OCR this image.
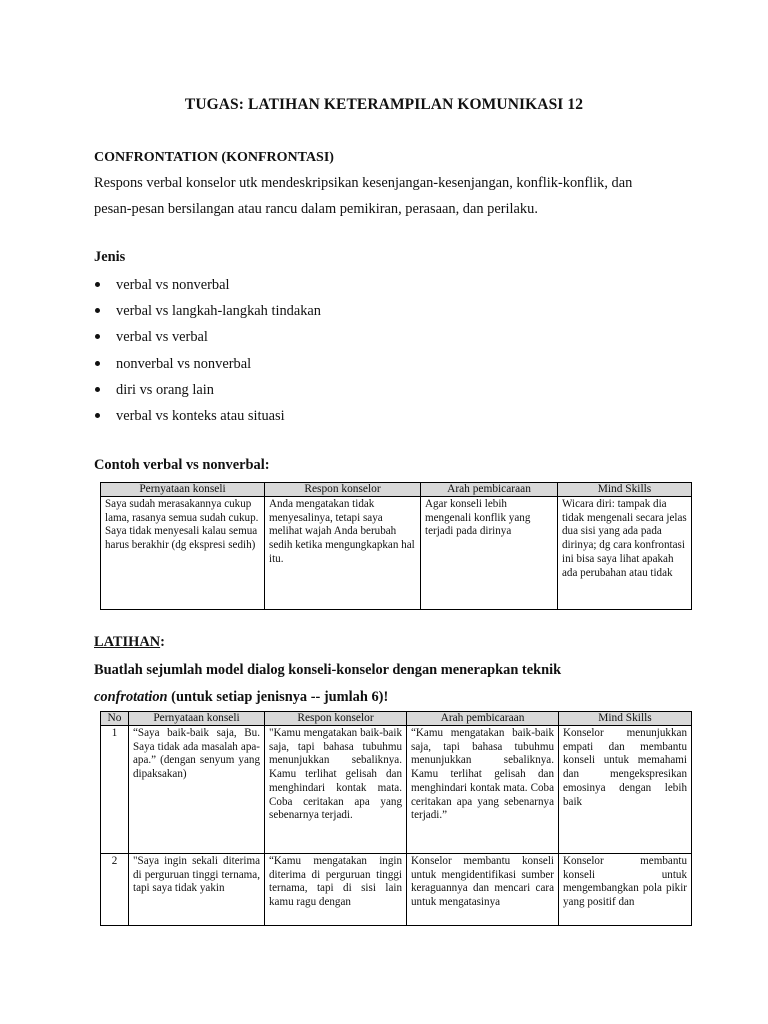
TUGAS: LATIHAN KETERAMPILAN KOMUNIKASI 12
CONFRONTATION (KONFRONTASI)
Respons verbal konselor utk mendeskripsikan kesenjangan-kesenjangan, konflik-konflik, dan
pesan-pesan bersilangan atau rancu dalam pemikiran, perasaan, dan perilaku.
Jenis
verbal vs nonverbal
verbal vs langkah-langkah tindakan
verbal vs verbal
nonverbal vs nonverbal
diri vs orang lain
verbal vs konteks atau situasi
Contoh verbal vs nonverbal:
Pernyataan konseli	Respon konselor	Arah pembicaraan	Mind Skills
Saya sudah merasakannya cukup lama, rasanya semua sudah cukup. Saya tidak menyesali kalau semua harus berakhir (dg ekspresi sedih)	Anda mengatakan tidak menyesalinya, tetapi saya melihat wajah Anda berubah sedih ketika mengungkapkan hal itu.	Agar konseli lebih mengenali konflik yang terjadi pada dirinya	Wicara diri: tampak dia tidak mengenali secara jelas dua sisi yang ada pada dirinya; dg cara konfrontasi ini bisa saya lihat apakah ada perubahan atau tidak
LATIHAN:
Buatlah sejumlah model dialog konseli-konselor dengan menerapkan teknik
confrotation (untuk setiap jenisnya -- jumlah 6)!
No	Pernyataan konseli	Respon konselor	Arah pembicaraan	Mind Skills
1	“Saya baik-baik saja, Bu. Saya tidak ada masalah apa-apa.” (dengan senyum yang dipaksakan)	"Kamu mengatakan baik-baik saja, tapi bahasa tubuhmu menunjukkan sebaliknya. Kamu terlihat gelisah dan menghindari kontak mata. Coba ceritakan apa yang sebenarnya terjadi.	“Kamu mengatakan baik-baik saja, tapi bahasa tubuhmu menunjukkan sebaliknya. Kamu terlihat gelisah dan menghindari kontak mata. Coba ceritakan apa yang sebenarnya terjadi.”	Konselor menunjukkan empati dan membantu konseli untuk memahami dan mengekspresikan emosinya dengan lebih baik
2	"Saya ingin sekali diterima di perguruan tinggi ternama, tapi saya tidak yakin	“Kamu mengatakan ingin diterima di perguruan tinggi ternama, tapi di sisi lain kamu ragu dengan	Konselor membantu konseli untuk mengidentifikasi sumber keraguannya dan mencari cara untuk mengatasinya	Konselor membantu konseli untuk mengembangkan pola pikir yang positif dan
